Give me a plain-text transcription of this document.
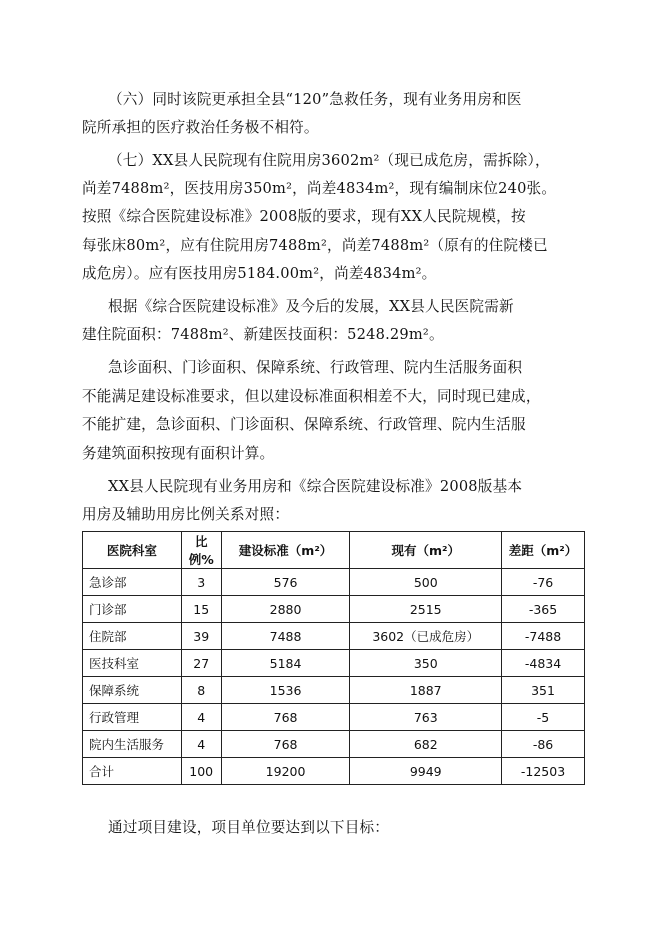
（六）同时该院更承担全县“120”急救任务，现有业务用房和医
院所承担的医疗救治任务极不相符。
（七）XX县人民院现有住院用房3602m²（现已成危房，需拆除），
尚差7488m²，医技用房350m²，尚差4834m²，现有编制床位240张。
按照《综合医院建设标准》2008版的要求，现有XX人民院规模，按
每张床80m²，应有住院用房7488m²，尚差7488m²（原有的住院楼已
成危房）。应有医技用房5184.00m²，尚差4834m²。
根据《综合医院建设标准》及今后的发展，XX县人民医院需新
建住院面积：7488m²、新建医技面积：5248.29m²。
急诊面积、门诊面积、保障系统、行政管理、院内生活服务面积
不能满足建设标准要求，但以建设标准面积相差不大，同时现已建成，
不能扩建，急诊面积、门诊面积、保障系统、行政管理、院内生活服
务建筑面积按现有面积计算。
XX县人民院现有业务用房和《综合医院建设标准》2008版基本
用房及辅助用房比例关系对照：
医院科室	比例%	建设标准（m²）	现有（m²）	差距（m²）
急诊部	3	576	500	-76
门诊部	15	2880	2515	-365
住院部	39	7488	3602（已成危房）	-7488
医技科室	27	5184	350	-4834
保障系统	8	1536	1887	351
行政管理	4	768	763	-5
院内生活服务	4	768	682	-86
合计	100	19200	9949	-12503
通过项目建设，项目单位要达到以下目标：
